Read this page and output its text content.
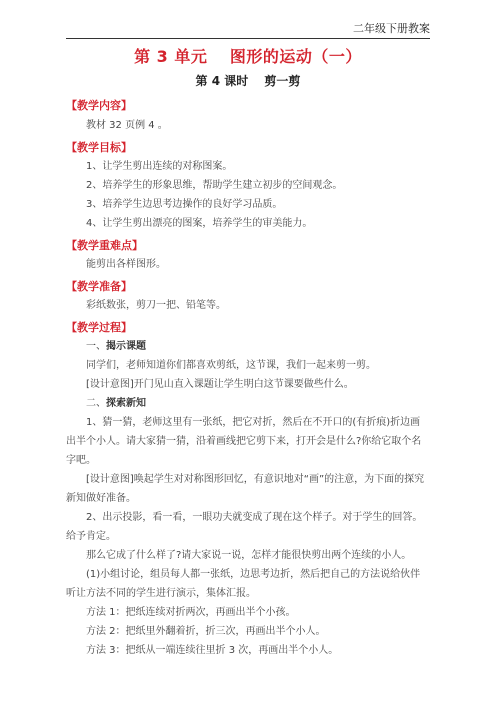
二年级下册教案
第 3 单元　 图形的运动（一）
第 4 课时　 剪一剪
【教学内容】
教材 32 页例 4 。
【教学目标】
1、让学生剪出连续的对称图案。
2、培养学生的形象思维，帮助学生建立初步的空间观念。
3、培养学生边思考边操作的良好学习品质。
4、让学生剪出漂亮的图案，培养学生的审美能力。
【教学重难点】
能剪出各样图形。
【教学准备】
彩纸数张，剪刀一把、铅笔等。
【教学过程】
一、揭示课题
同学们，老师知道你们都喜欢剪纸，这节课，我们一起来剪一剪。
[设计意图]开门见山直入课题让学生明白这节课要做些什么。
二、探索新知
1、猜一猜，老师这里有一张纸，把它对折，然后在不开口的(有折痕)折边画出半个小人。请大家猜一猜，沿着画线把它剪下来，打开会是什么?你给它取个名字吧。
[设计意图]唤起学生对对称图形回忆，有意识地对“画”的注意，为下面的探究新知做好准备。
2、出示投影，看一看，一眼功夫就变成了现在这个样子。对于学生的回答。给予肯定。
那么它成了什么样了?请大家说一说，怎样才能很快剪出两个连续的小人。
(1)小组讨论，组员每人都一张纸，边思考边折，然后把自己的方法说给伙伴听让方法不同的学生进行演示，集体汇报。
方法 1：把纸连续对折两次，再画出半个小孩。
方法 2：把纸里外翻着折，折三次，再画出半个小人。
方法 3：把纸从一端连续往里折 3 次，再画出半个小人。
